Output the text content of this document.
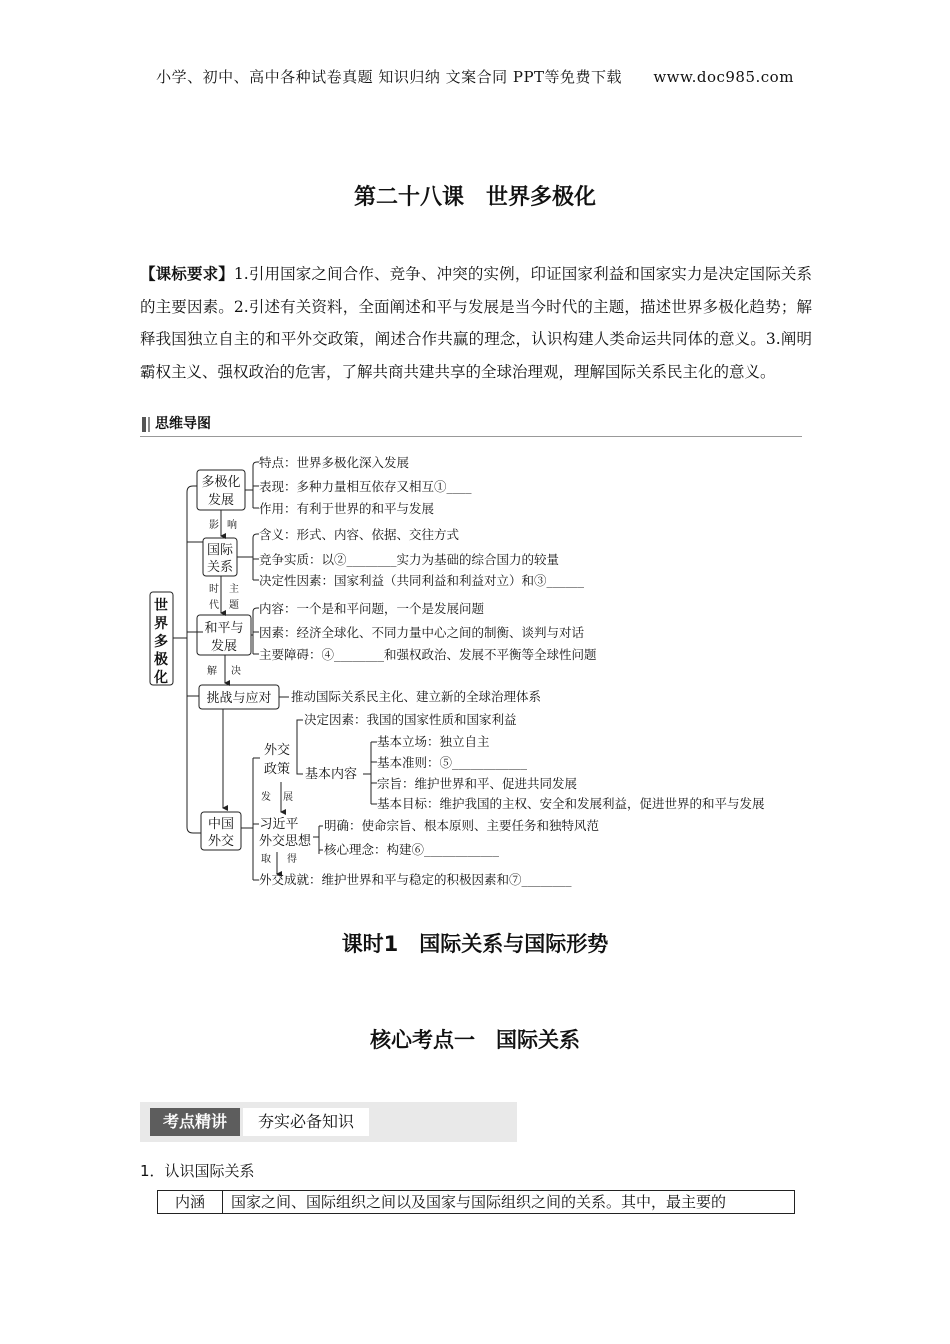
小学、初中、高中各种试卷真题 知识归纳 文案合同 PPT等免费下载 www.doc985.com
第二十八课　世界多极化
【课标要求】1.引用国家之间合作、竞争、冲突的实例，印证国家利益和国家实力是决定国际关系的主要因素。2.引述有关资料，全面阐述和平与发展是当今时代的主题，描述世界多极化趋势；解释我国独立自主的和平外交政策，阐述合作共赢的理念，认识构建人类命运共同体的意义。3.阐明霸权主义、强权政治的危害，了解共商共建共享的全球治理观，理解国际关系民主化的意义。
思维导图
世
界
多
极
化
多极化
发展
国际
关系
和平与
发展
挑战与应对
中国
外交
外交
政策
习近平
外交思想
基本内容
影 响
时
代
主
题
解 决
发 展
取 得
特点：世界多极化深入发展
表现：多种力量相互依存又相互①____
作用：有利于世界的和平与发展
含义：形式、内容、依据、交往方式
竞争实质：以②________实力为基础的综合国力的较量
决定性因素：国家利益（共同利益和利益对立）和③______
内容：一个是和平问题，一个是发展问题
因素：经济全球化、不同力量中心之间的制衡、谈判与对话
主要障碍：④________和强权政治、发展不平衡等全球性问题
推动国际关系民主化、建立新的全球治理体系
决定因素：我国的国家性质和国家利益
基本立场：独立自主
基本准则：⑤____________
宗旨：维护世界和平、促进共同发展
基本目标：维护我国的主权、安全和发展利益，促进世界的和平与发展
明确：使命宗旨、根本原则、主要任务和独特风范
核心理念：构建⑥____________
外交成就：维护世界和平与稳定的积极因素和⑦________
课时1　国际关系与国际形势
核心考点一　国际关系
考点精讲	夯实必备知识
1．认识国际关系
内涵	国家之间、国际组织之间以及国家与国际组织之间的关系。其中，最主要的
